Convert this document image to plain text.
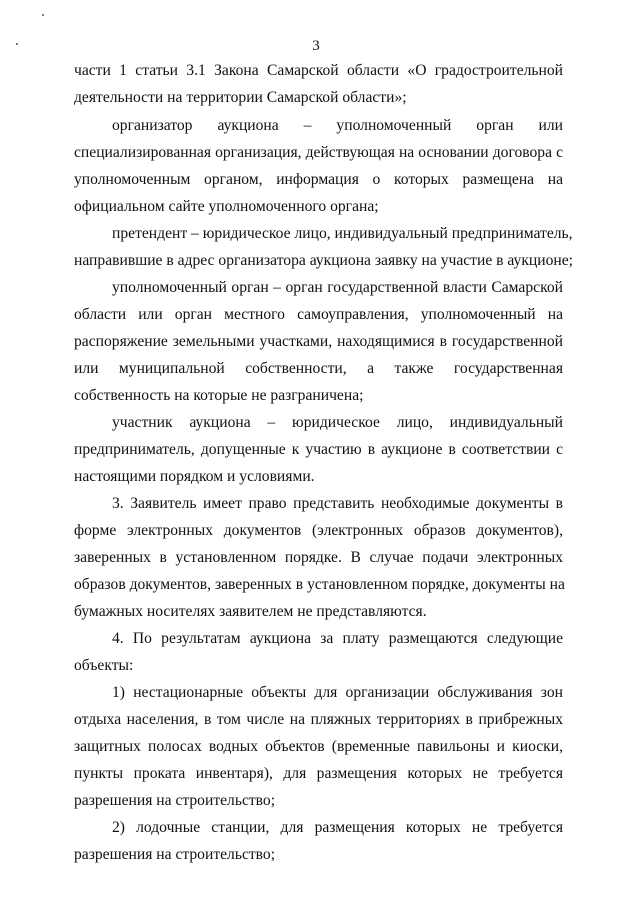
3
части 1 статьи 3.1 Закона Самарской области «О градостроительной
деятельности на территории Самарской области»;
организатор аукциона – уполномоченный орган или
специализированная организация, действующая на основании договора с
уполномоченным органом, информация о которых размещена на
официальном сайте уполномоченного органа;
претендент – юридическое лицо, индивидуальный предприниматель,
направившие в адрес организатора аукциона заявку на участие в аукционе;
уполномоченный орган – орган государственной власти Самарской
области или орган местного самоуправления, уполномоченный на
распоряжение земельными участками, находящимися в государственной
или муниципальной собственности, а также государственная
собственность на которые не разграничена;
участник аукциона – юридическое лицо, индивидуальный
предприниматель, допущенные к участию в аукционе в соответствии с
настоящими порядком и условиями.
3. Заявитель имеет право представить необходимые документы в
форме электронных документов (электронных образов документов),
заверенных в установленном порядке. В случае подачи электронных
образов документов, заверенных в установленном порядке, документы на
бумажных носителях заявителем не представляются.
4. По результатам аукциона за плату размещаются следующие
объекты:
1) нестационарные объекты для организации обслуживания зон
отдыха населения, в том числе на пляжных территориях в прибрежных
защитных полосах водных объектов (временные павильоны и киоски,
пункты проката инвентаря), для размещения которых не требуется
разрешения на строительство;
2) лодочные станции, для размещения которых не требуется
разрешения на строительство;
